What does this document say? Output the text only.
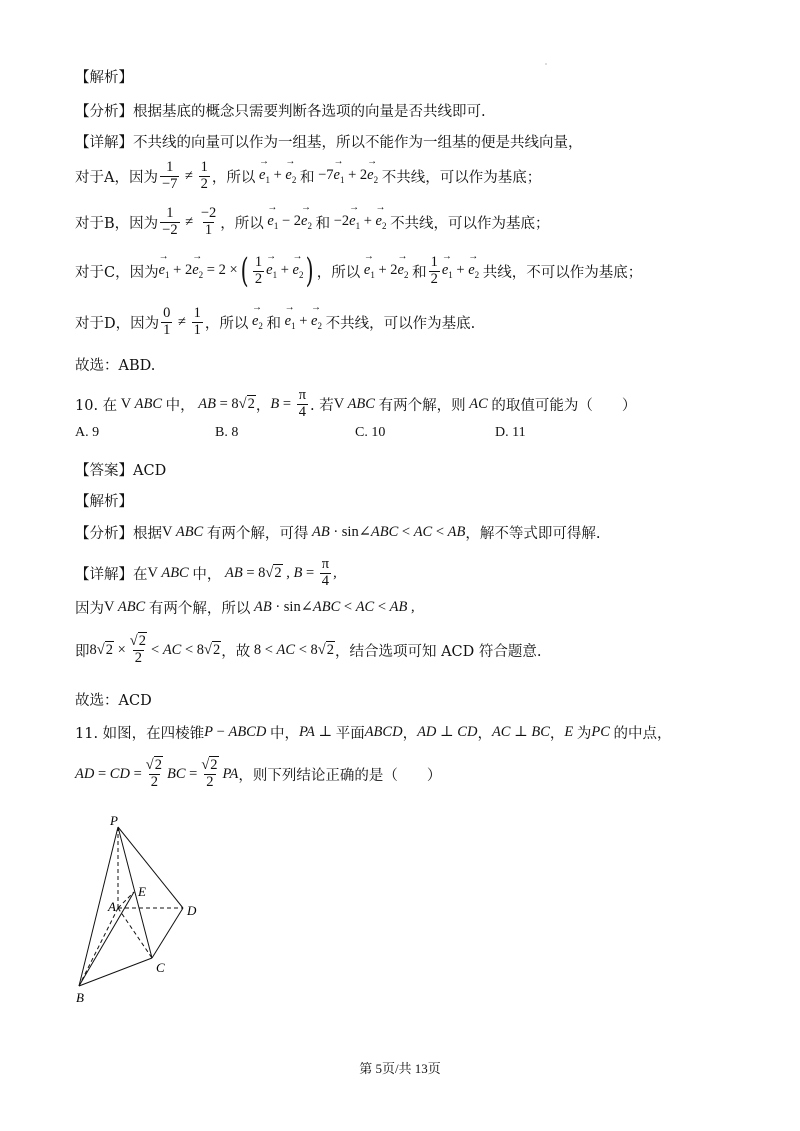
【解析】
【分析】 根据基底的概念只需要判断各选项的向量是否共线即可.
【详解】 不共线的向量可以作为一组基，所以不能作为一组基的便是共线向量，
对于A，因为 $\frac{1}{-7} \ne \frac{1}{2}$ ，所以
→ $e_1$ + → $e_2$ 和 $-7\to e_1 + 2\to e_2$ 不共线，可以作为基底；
对于B，因为 $\frac{1}{-2} \ne \frac{-2}{1}$ ，所以
→ $e_1 - 2\to e_2$ 和 $-2\to e_1$ + → $e_2$ 不共线，可以作为基底；
对于C，因为
→ $e_1 + 2\to e_2 = 2$ × ( $\frac{1}{2}$
→ $e_1$ + → $e_2$ ) ，所以
→ $e_1 + 2\to e_2$ 和 $\frac{1}{2}$
→ $e_1$ + → $e_2$ 共线，不可以作为基底；
对于D，因为 $\frac{0}{1} \ne \frac{1}{1}$ ，所以
→ $e_2$ 和
→ $e_1$ + → $e_2$ 不共线，可以作为基底.
故选：ABD.
10. 在 V ABC 中， AB = 8√2 ， $B = \frac{\pi}{4}$ . 若 V ABC 有两个解，则 AC 的取值可能为（　　）
A. 9	B. 8	C. 10	D. 11
【答案】ACD
【解析】
【分析】 根据 V ABC 有两个解，可得 AB · sin∠ABC < AC < AB ，解不等式即可得解.
【详解】 在 V ABC 中， AB = 8√2 , $B = \frac{\pi}{4}$ ,
因为 V ABC 有两个解，所以 AB · sin∠ABC < AC < AB ,
即 $8√2 \times \frac{√2}{2}$ < AC < 8√2 ，故 8 < AC < 8√2 ，结合选项可知 ACD 符合题意.
故选：ACD
11. 如图，在四棱锥 P − ABCD 中， PA ⊥ 平面 ABCD ， AD ⊥ CD ， AC ⊥ BC ， E 为 PC 的中点，
AD = CD = $\frac{√2}{2}$ BC = $\frac{√2}{2}$ PA ，则下列结论正确的是（　　）
P
E
A	D
C
B
第 5页/共 13页
